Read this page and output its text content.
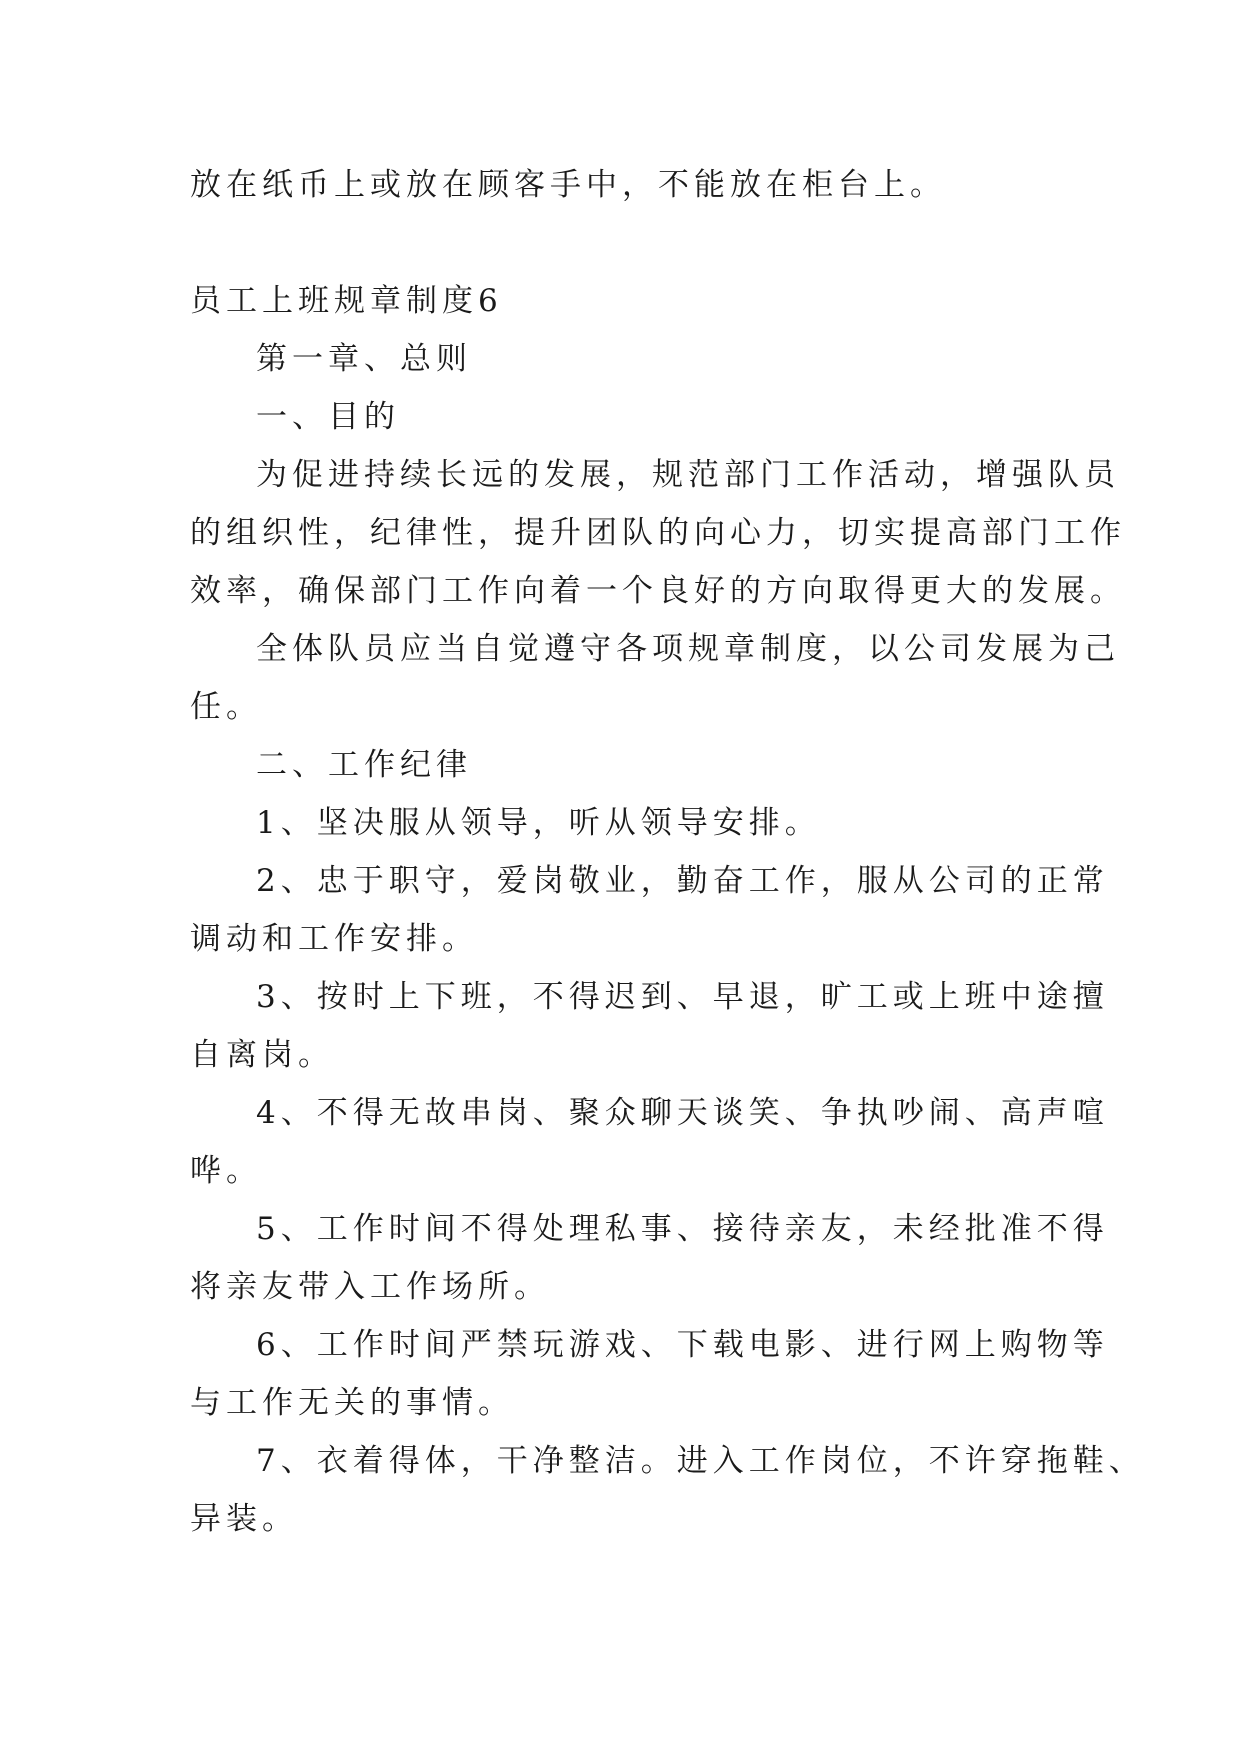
放在纸币上或放在顾客手中，不能放在柜台上。

员工上班规章制度6

第一章、总则

一、目的

为促进持续长远的发展，规范部门工作活动，增强队员

的组织性，纪律性，提升团队的向心力，切实提高部门工作

效率，确保部门工作向着一个良好的方向取得更大的发展。

全体队员应当自觉遵守各项规章制度，以公司发展为己

任。

二、工作纪律

1、坚决服从领导，听从领导安排。

2、忠于职守，爱岗敬业，勤奋工作，服从公司的正常

调动和工作安排。

3、按时上下班，不得迟到、早退，旷工或上班中途擅

自离岗。

4、不得无故串岗、聚众聊天谈笑、争执吵闹、高声喧

哗。

5、工作时间不得处理私事、接待亲友，未经批准不得

将亲友带入工作场所。

6、工作时间严禁玩游戏、下载电影、进行网上购物等

与工作无关的事情。

7、衣着得体，干净整洁。进入工作岗位，不许穿拖鞋、

异装。
